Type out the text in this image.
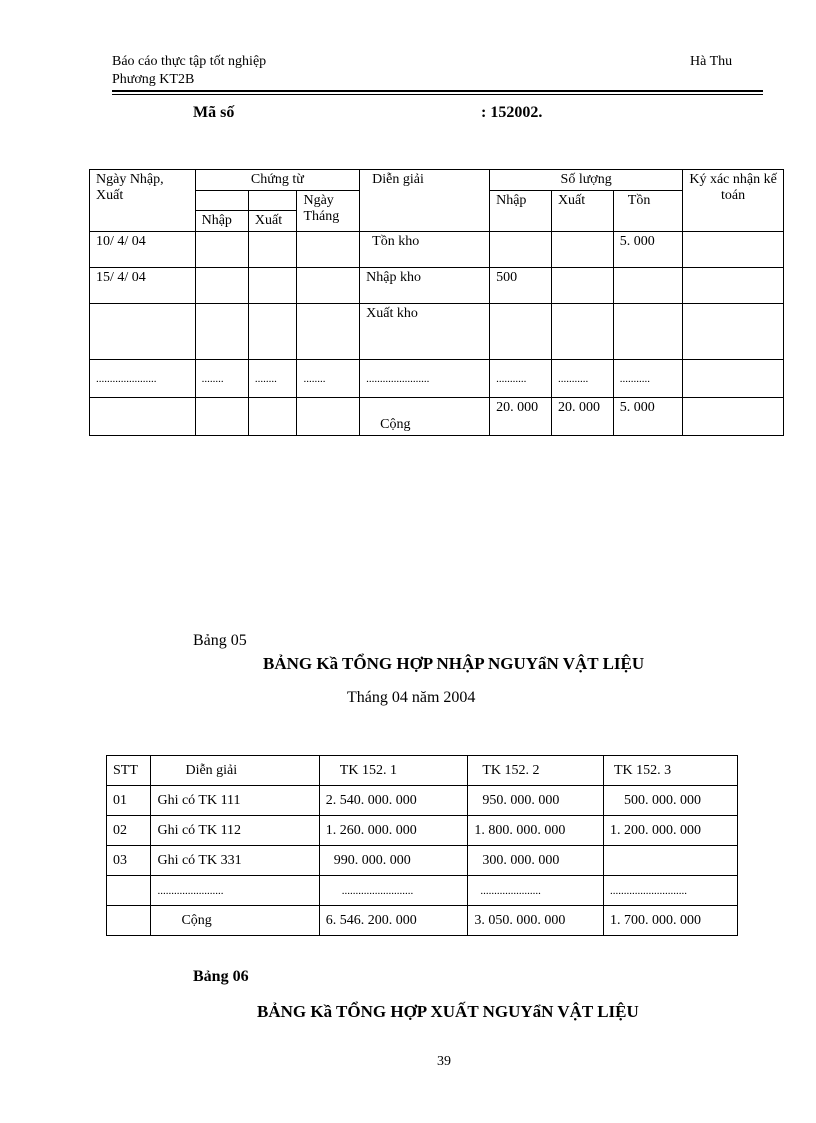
Báo cáo thực tập tốt nghiệp
Phương KT2B
Hà Thu
Mã số	: 152002.
Ngày Nhập, Xuất	Chứng từ			Diễn giải	Số lượng			Ký xác nhận kế toán
			Ngày Tháng		Nhập	Xuất	Tồn	
	Nhập	Xuất						
10/ 4/ 04				Tồn kho			5. 000	
15/ 4/ 04				Nhập kho	500			
				Xuất kho				
......................	........	........	........	.......................	...........	...........	...........	
				Cộng	20. 000	20. 000	5. 000	
Bảng 05
BẢNG Kầ TỔNG HỢP NHẬP NGUYẩN VẬT LIỆU
Tháng 04 năm 2004
STT	Diễn giải	TK 152. 1	TK 152. 2	TK 152. 3
01	Ghi có TK 111	2. 540. 000. 000	950. 000. 000	500. 000. 000
02	Ghi có TK 112	1. 260. 000. 000	1. 800. 000. 000	1. 200. 000. 000
03	Ghi có TK 331	990. 000. 000	300. 000. 000	
	........................	..........................	......................	............................
	Cộng	6. 546. 200. 000	3. 050. 000. 000	1. 700. 000. 000
Bảng 06
BẢNG Kầ TỔNG HỢP XUẤT NGUYẩN VẬT LIỆU
39
